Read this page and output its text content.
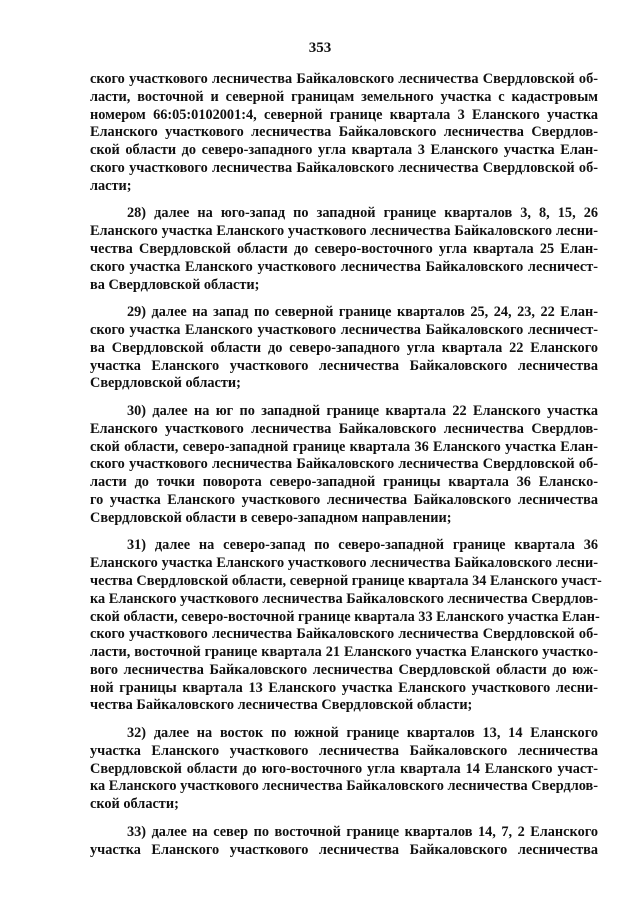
353
ского участкового лесничества Байкаловского лесничества Свердловской об-
ласти, восточной и северной границам земельного участка с кадастровым
номером 66:05:0102001:4, северной границе квартала 3 Еланского участка
Еланского участкового лесничества Байкаловского лесничества Свердлов-
ской области до северо-западного угла квартала 3 Еланского участка Елан-
ского участкового лесничества Байкаловского лесничества Свердловской об-
ласти;
28) далее на юго-запад по западной границе кварталов 3, 8, 15, 26
Еланского участка Еланского участкового лесничества Байкаловского лесни-
чества Свердловской области до северо-восточного угла квартала 25 Елан-
ского участка Еланского участкового лесничества Байкаловского лесничест-
ва Свердловской области;
29) далее на запад по северной границе кварталов 25, 24, 23, 22 Елан-
ского участка Еланского участкового лесничества Байкаловского лесничест-
ва Свердловской области до северо-западного угла квартала 22 Еланского
участка Еланского участкового лесничества Байкаловского лесничества
Свердловской области;
30) далее на юг по западной границе квартала 22 Еланского участка
Еланского участкового лесничества Байкаловского лесничества Свердлов-
ской области, северо-западной границе квартала 36 Еланского участка Елан-
ского участкового лесничества Байкаловского лесничества Свердловской об-
ласти до точки поворота северо-западной границы квартала 36 Еланско-
го участка Еланского участкового лесничества Байкаловского лесничества
Свердловской области в северо-западном направлении;
31) далее на северо-запад по северо-западной границе квартала 36
Еланского участка Еланского участкового лесничества Байкаловского лесни-
чества Свердловской области, северной границе квартала 34 Еланского участ-
ка Еланского участкового лесничества Байкаловского лесничества Свердлов-
ской области, северо-восточной границе квартала 33 Еланского участка Елан-
ского участкового лесничества Байкаловского лесничества Свердловской об-
ласти, восточной границе квартала 21 Еланского участка Еланского участко-
вого лесничества Байкаловского лесничества Свердловской области до юж-
ной границы квартала 13 Еланского участка Еланского участкового лесни-
чества Байкаловского лесничества Свердловской области;
32) далее на восток по южной границе кварталов 13, 14 Еланского
участка Еланского участкового лесничества Байкаловского лесничества
Свердловской области до юго-восточного угла квартала 14 Еланского участ-
ка Еланского участкового лесничества Байкаловского лесничества Свердлов-
ской области;
33) далее на север по восточной границе кварталов 14, 7, 2 Еланского
участка Еланского участкового лесничества Байкаловского лесничества
